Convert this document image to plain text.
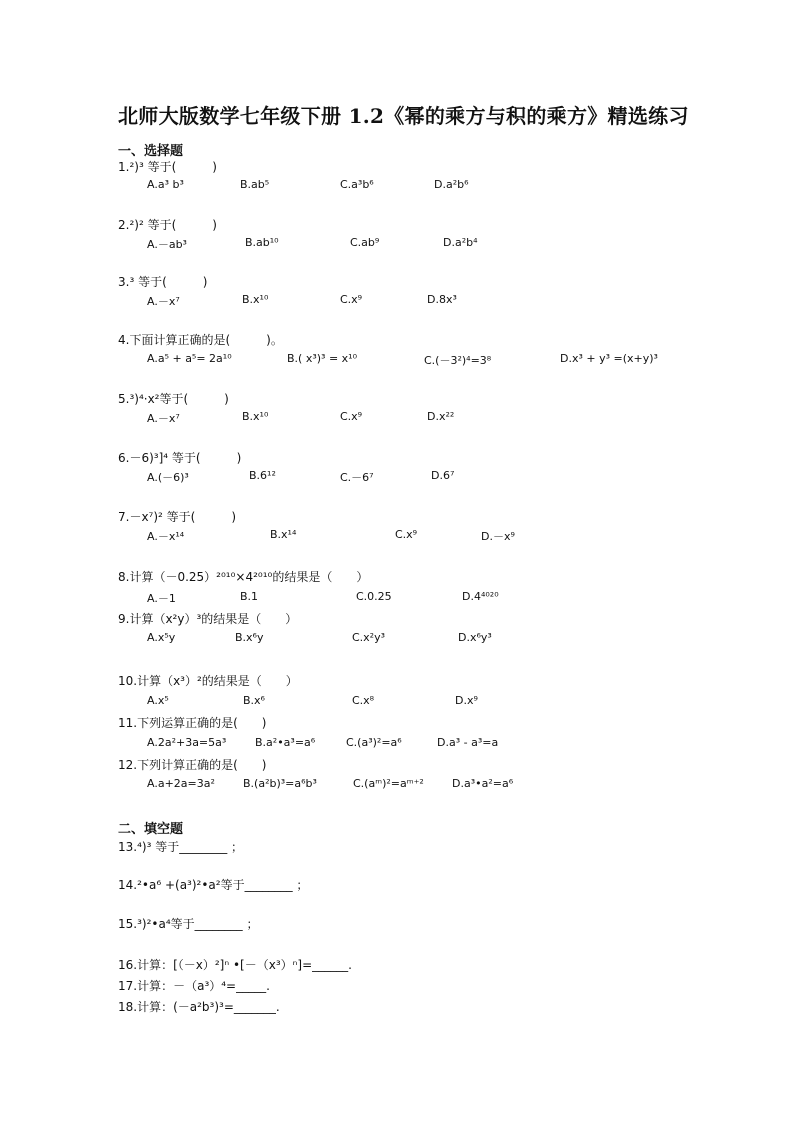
北师大版数学七年级下册 1.2《幂的乘方与积的乘方》精选练习
一、选择题
1.²)³ 等于(　　　)
A.a³ b³	B.ab⁵	C.a³b⁶	D.a²b⁶
2.²)² 等于(　　　)
A.－ab³	B.ab¹⁰	C.ab⁹	D.a²b⁴
3.³ 等于(　　　)
A.－x⁷	B.x¹⁰	C.x⁹	D.8x³
4.下面计算正确的是(　　　)。
A.a⁵ + a⁵= 2a¹⁰	B.( x³)³ = x¹⁰	C.(－3²)⁴=3⁸	D.x³ + y³ =(x+y)³
5.³)⁴·x²等于(　　　)
A.－x⁷	B.x¹⁰	C.x⁹	D.x²²
6.－6)³]⁴ 等于(　　　)
A.(－6)³	B.6¹²	C.－6⁷	D.6⁷
7.－x⁷)² 等于(　　　)
A.－x¹⁴	B.x¹⁴	C.x⁹	D.－x⁹
8.计算（－0.25）²⁰¹⁰×4²⁰¹⁰的结果是（　　）
A.－1	B.1	C.0.25	D.4⁴⁰²⁰
9.计算（x²y）³的结果是（　　）
A.x⁵y	B.x⁶y	C.x²y³	D.x⁶y³
10.计算（x³）²的结果是（　　）
A.x⁵	B.x⁶	C.x⁸	D.x⁹
11.下列运算正确的是(　　)
A.2a²+3a=5a³	B.a²•a³=a⁶	C.(a³)²=a⁶	D.a³ - a³=a
12.下列计算正确的是(　　)
A.a+2a=3a²	B.(a²b)³=a⁶b³	C.(aᵐ)²=aᵐ⁺²	D.a³•a²=a⁶
二、填空题
13.⁴)³ 等于________ ；
14.²•a⁶ +(a³)²•a²等于________ ；
15.³)²•a⁴等于________ ；
16.计算：[（－x）²]ⁿ •[－（x³）ⁿ]=______.
17.计算：－（a³）⁴=_____.
18.计算：(－a²b³)³=_______.
